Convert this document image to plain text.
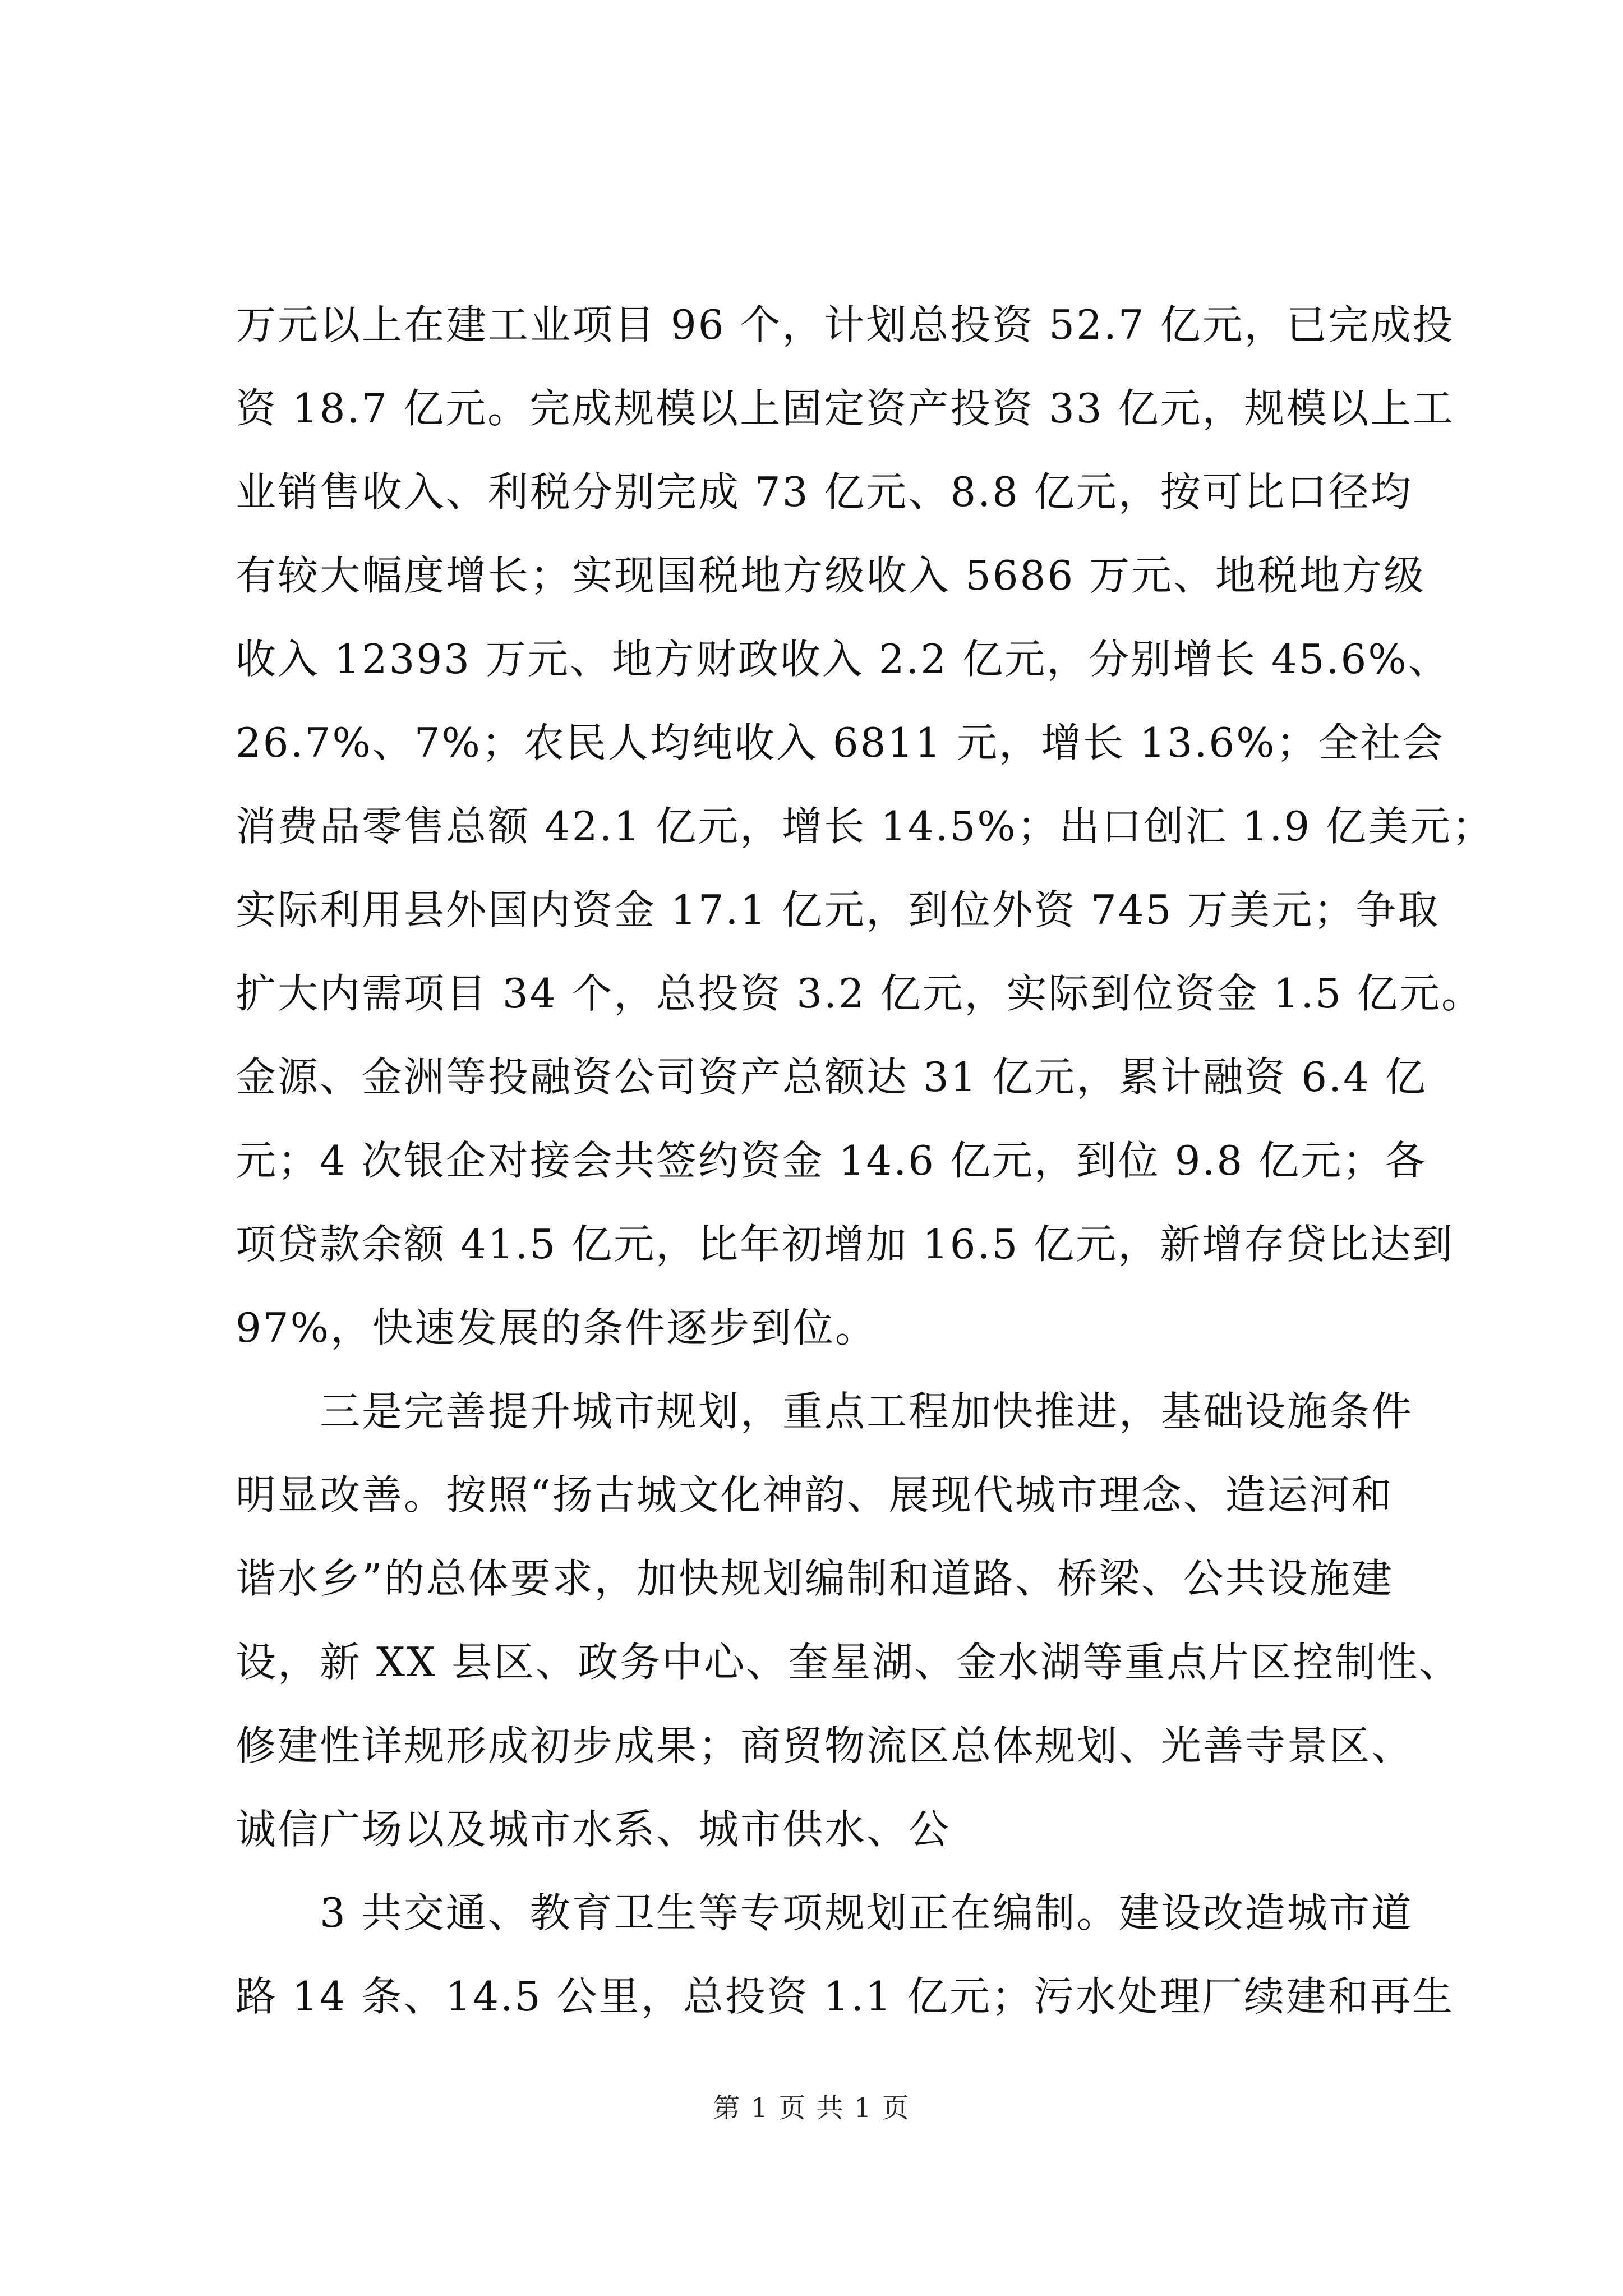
万元以上在建工业项目 96 个，计划总投资 52.7 亿元，已完成投
资 18.7 亿元。完成规模以上固定资产投资 33 亿元，规模以上工
业销售收入、利税分别完成 73 亿元、8.8 亿元，按可比口径均
有较大幅度增长；实现国税地方级收入 5686 万元、地税地方级
收入 12393 万元、地方财政收入 2.2 亿元，分别增长 45.6%、
26.7%、7%；农民人均纯收入 6811 元，增长 13.6%；全社会
消费品零售总额 42.1 亿元，增长 14.5%；出口创汇 1.9 亿美元；
实际利用县外国内资金 17.1 亿元，到位外资 745 万美元；争取
扩大内需项目 34 个，总投资 3.2 亿元，实际到位资金 1.5 亿元。
金源、金洲等投融资公司资产总额达 31 亿元，累计融资 6.4 亿
元；4 次银企对接会共签约资金 14.6 亿元，到位 9.8 亿元；各
项贷款余额 41.5 亿元，比年初增加 16.5 亿元，新增存贷比达到
97%，快速发展的条件逐步到位。
三是完善提升城市规划，重点工程加快推进，基础设施条件
明显改善。按照“扬古城文化神韵、展现代城市理念、造运河和
谐水乡”的总体要求，加快规划编制和道路、桥梁、公共设施建
设，新 XX 县区、政务中心、奎星湖、金水湖等重点片区控制性、
修建性详规形成初步成果；商贸物流区总体规划、光善寺景区、
诚信广场以及城市水系、城市供水、公
3 共交通、教育卫生等专项规划正在编制。建设改造城市道
路 14 条、14.5 公里，总投资 1.1 亿元；污水处理厂续建和再生
第 1 页 共 1 页
